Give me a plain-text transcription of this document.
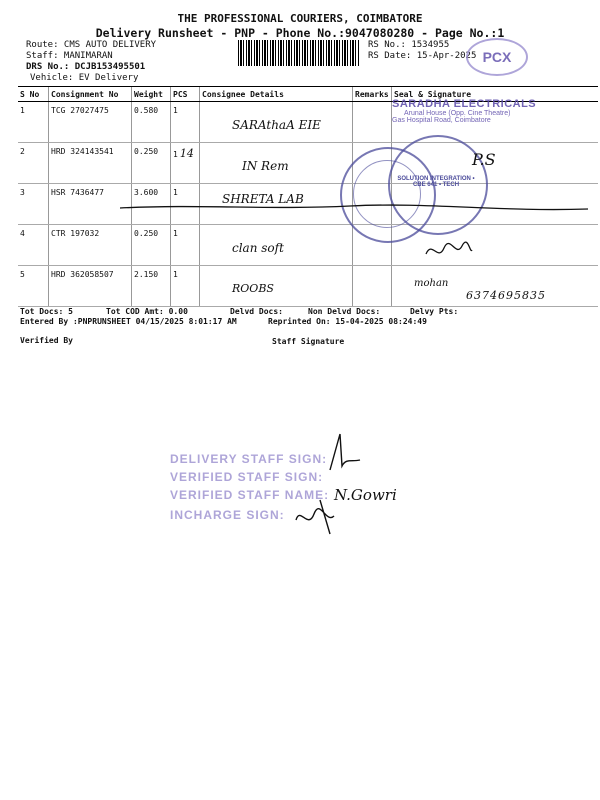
THE PROFESSIONAL COURIERS, COIMBATORE
Delivery Runsheet - PNP - Phone No.:9047080280 - Page No.:1
Route: CMS AUTO DELIVERY
Staff: MANIMARAN
DRS No.: DCJB153495501
Vehicle: EV Delivery
RS No.: 1534955
RS Date: 15-Apr-2025 PCX
S No	Consignment No	Weight	PCS	Consignee Details	Remarks	Seal & Signature
1	TCG 27027475	0.580	1	SARAthaA EIE		

2	HRD 324143541	0.250	1 14	IN Rem		

3	HSR 7436477	3.600	1	SHRETA LAB		

4	CTR 197032	0.250	1	clan soft		

5	HRD 362058507	2.150	1	ROOBS		

SARADHA ELECTRICALS
Arunal House (Opp. Cine Theatre)
Gas Hospital Road, Coimbatore
SOLUTION INTEGRATION • CBE 641 • TECH
P.S
mohan
6374695835
Tot Docs: 5	Tot COD Amt: 0.00	Delvd Docs:	Non Delvd Docs:	Delvy Pts:
Entered By :PNPRUNSHEET 04/15/2025 8:01:17 AM	Reprinted On: 15-04-2025 08:24:49
Verified By	Staff Signature
DELIVERY STAFF SIGN:
VERIFIED STAFF SIGN:
VERIFIED STAFF NAME:
INCHARGE SIGN:
N.Gowri
